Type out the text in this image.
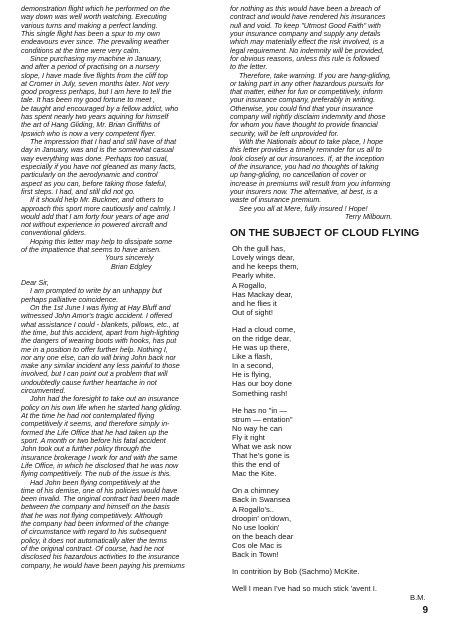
demonstration flight which he performed on the
way down was well worth watching. Executing
various turns and making a perfect landing.
This single flight has been a spur to my own
endeavours ever since. The prevailing weather
conditions at the time were very calm.
Since purchasing my machine in January,
and after a period of practising on a nursery
slope, I have made five flights from the cliff top
at Cromer in July, seven months later. Not very
good progress perhaps, but I am here to tell the
tale. It has been my good fortune to meet ,
be taught and encouraged by a fellow addict, who
has spent nearly two years aquiring for himself
the art of Hang Gliding, Mr. Brian Griffiths of
Ipswich who is now a very competent flyer.
The impression that I had and still have of that
day in January, was and is the somewhat casual
way everything was done. Perhaps too casual,
especially if you have not gleaned as many facts,
particularly on the aerodynamic and control
aspect as you can, before taking those fateful,
first steps. I had, and still did not go.
If it should help Mr. Buckner, and others to
approach this sport more cautiously and calmly, I
would add that I am forty four years of age and
not without experience in powered aircraft and
conventional gliders.
Hoping this letter may help to dissipate some
of the impatience that seems to have arisen.
Yours sincerely
Brian Edgley
Dear Sir,
I am prompted to write by an unhappy but
perhaps palliative coincidence.
On the 1st June I was flying at Hay Bluff and
witnessed John Amor's tragic accident. I offered
what assistance I could - blankets, pillows, etc., at
the time, but this accident, apart from high-lighting
the dangers of wearing boots with hooks, has put
me in a position to offer further help. Nothing I,
nor any one else, can do will bring John back nor
make any similar incident any less painful to those
involved, but I can point out a problem that will
undoubtedly cause further heartache in not
circumvented.
John had the foresight to take out an insurance
policy on his own life when he started hang gliding.
At the time he had not contemplated flying
competitively it seems, and therefore simply in-
formed the Life Office that he had taken up the
sport. A month or two before his fatal accident
John took out a further policy through the
insurance brokerage I work for and with the same
Life Office, in which he disclosed that he was now
flying competitively. The nub of the issue is this.
Had John been flying competitively at the
time of his demise, one of his policies would have
been invalid. The original contract had been made
between the company and himself on the basis
that he was not flying competitively. Although
the company had been informed of the change
of circumstance with regard to his subsequent
policy, it does not automatically alter the terms
of the original contract. Of course, had he not
disclosed his hazardous activities to the insurance
company, he would have been paying his premiums
for nothing as this would have been a breach of
contract and would have rendered his insurances
null and void. To keep "Utmost Good Faith" with
your insurance company and supply any details
which may materially effect the risk involved, is a
legal requirement. No indemnity will be provided,
for obvious reasons, unless this rule is followed
to the letter.
Therefore, take warning. If you are hang-gliding,
or taking part in any other hazardous pursuits for
that matter, either for fun or competitively, inform
your insurance company, preferably in writing.
Otherwise, you could find that your insurance
company will rightly disclaim indemnity and those
for whom you have thought to provide financial
security, will be left unprovided for.
With the Nationals about to take place, I hope
this letter provides a timely reminder for us all to
look closely at our insurances. If, at the inception
of the insurance, you had no thoughts of taking
up hang-gliding, no cancellation of cover or
increase in premiums will result from you informing
your insurers now. The alternative, at best, is a
waste of insurance premium.
See you all at Mere, fully insured ! Hope!
Terry Milbourn.
ON THE SUBJECT OF CLOUD FLYING
Oh the gull has,
Lovely wings dear,
and he keeps them,
Pearly white.
A Rogallo,
Has Mackay dear,
and he flies it
Out of sight!
Had a cloud come,
on the ridge dear,
He was up there,
Like a flash,
In a second,
He is flying,
Has our boy done
Something rash!
He has no "in —
strum — entation"
No way he can
Fly it right
What we ask now
That he's gone is
this the end of
Mac the Kite.
On a chimney
Back in Swansea
A Rogallo's..
droopin' on'down,
No use lookin'
on the beach dear
Cos ole Mac is
Back in Town!
In contrition by Bob (Sachmo) McKite.
Well I mean I've had so much stick 'avent I.
B.M.
9
